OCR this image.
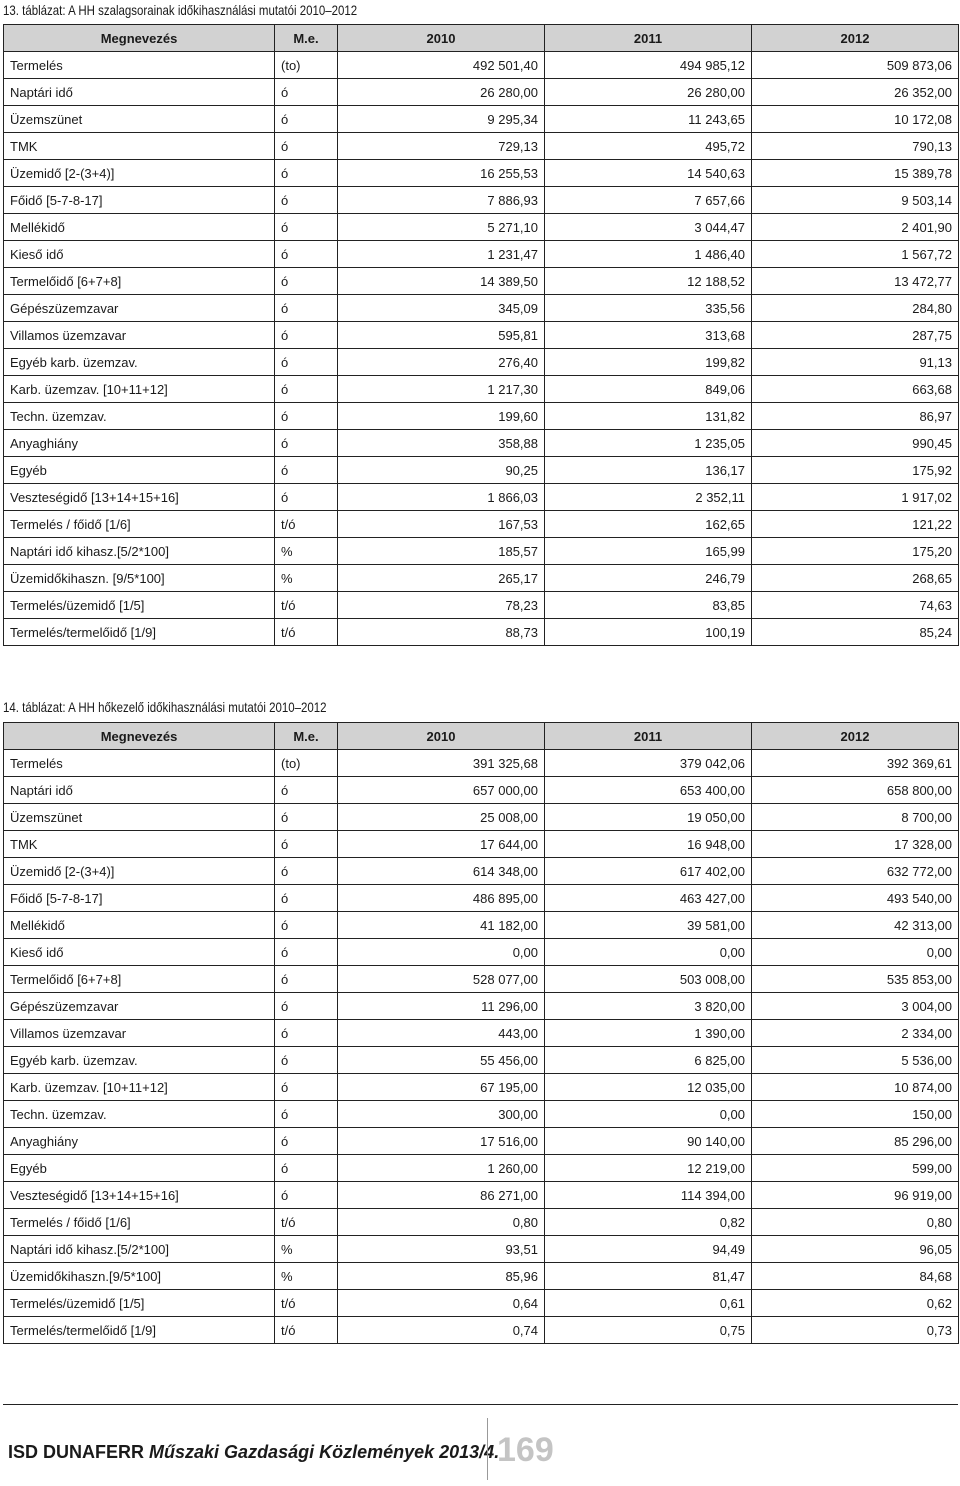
13. táblázat: A HH szalagsorainak időkihasználási mutatói 2010–2012
Megnevezés	M.e.	2010	2011	2012
Termelés	(to)	492 501,40	494 985,12	509 873,06
Naptári idő	ó	26 280,00	26 280,00	26 352,00
Üzemszünet	ó	9 295,34	11 243,65	10 172,08
TMK	ó	729,13	495,72	790,13
Üzemidő [2-(3+4)]	ó	16 255,53	14 540,63	15 389,78
Főidő [5-7-8-17]	ó	7 886,93	7 657,66	9 503,14
Mellékidő	ó	5 271,10	3 044,47	2 401,90
Kieső idő	ó	1 231,47	1 486,40	1 567,72
Termelőidő [6+7+8]	ó	14 389,50	12 188,52	13 472,77
Gépészüzemzavar	ó	345,09	335,56	284,80
Villamos üzemzavar	ó	595,81	313,68	287,75
Egyéb karb. üzemzav.	ó	276,40	199,82	91,13
Karb. üzemzav. [10+11+12]	ó	1 217,30	849,06	663,68
Techn. üzemzav.	ó	199,60	131,82	86,97
Anyaghiány	ó	358,88	1 235,05	990,45
Egyéb	ó	90,25	136,17	175,92
Veszteségidő [13+14+15+16]	ó	1 866,03	2 352,11	1 917,02
Termelés / főidő [1/6]	t/ó	167,53	162,65	121,22
Naptári idő kihasz.[5/2*100]	%	185,57	165,99	175,20
Üzemidőkihaszn. [9/5*100]	%	265,17	246,79	268,65
Termelés/üzemidő [1/5]	t/ó	78,23	83,85	74,63
Termelés/termelőidő [1/9]	t/ó	88,73	100,19	85,24
14. táblázat: A HH hőkezelő időkihasználási mutatói 2010–2012
Megnevezés	M.e.	2010	2011	2012
Termelés	(to)	391 325,68	379 042,06	392 369,61
Naptári idő	ó	657 000,00	653 400,00	658 800,00
Üzemszünet	ó	25 008,00	19 050,00	8 700,00
TMK	ó	17 644,00	16 948,00	17 328,00
Üzemidő [2-(3+4)]	ó	614 348,00	617 402,00	632 772,00
Főidő [5-7-8-17]	ó	486 895,00	463 427,00	493 540,00
Mellékidő	ó	41 182,00	39 581,00	42 313,00
Kieső idő	ó	0,00	0,00	0,00
Termelőidő [6+7+8]	ó	528 077,00	503 008,00	535 853,00
Gépészüzemzavar	ó	11 296,00	3 820,00	3 004,00
Villamos üzemzavar	ó	443,00	1 390,00	2 334,00
Egyéb karb. üzemzav.	ó	55 456,00	6 825,00	5 536,00
Karb. üzemzav. [10+11+12]	ó	67 195,00	12 035,00	10 874,00
Techn. üzemzav.	ó	300,00	0,00	150,00
Anyaghiány	ó	17 516,00	90 140,00	85 296,00
Egyéb	ó	1 260,00	12 219,00	599,00
Veszteségidő [13+14+15+16]	ó	86 271,00	114 394,00	96 919,00
Termelés / főidő [1/6]	t/ó	0,80	0,82	0,80
Naptári idő kihasz.[5/2*100]	%	93,51	94,49	96,05
Üzemidőkihaszn.[9/5*100]	%	85,96	81,47	84,68
Termelés/üzemidő [1/5]	t/ó	0,64	0,61	0,62
Termelés/termelőidő [1/9]	t/ó	0,74	0,75	0,73
ISD DUNAFERR Műszaki Gazdasági Közlemények 2013/4.
169
